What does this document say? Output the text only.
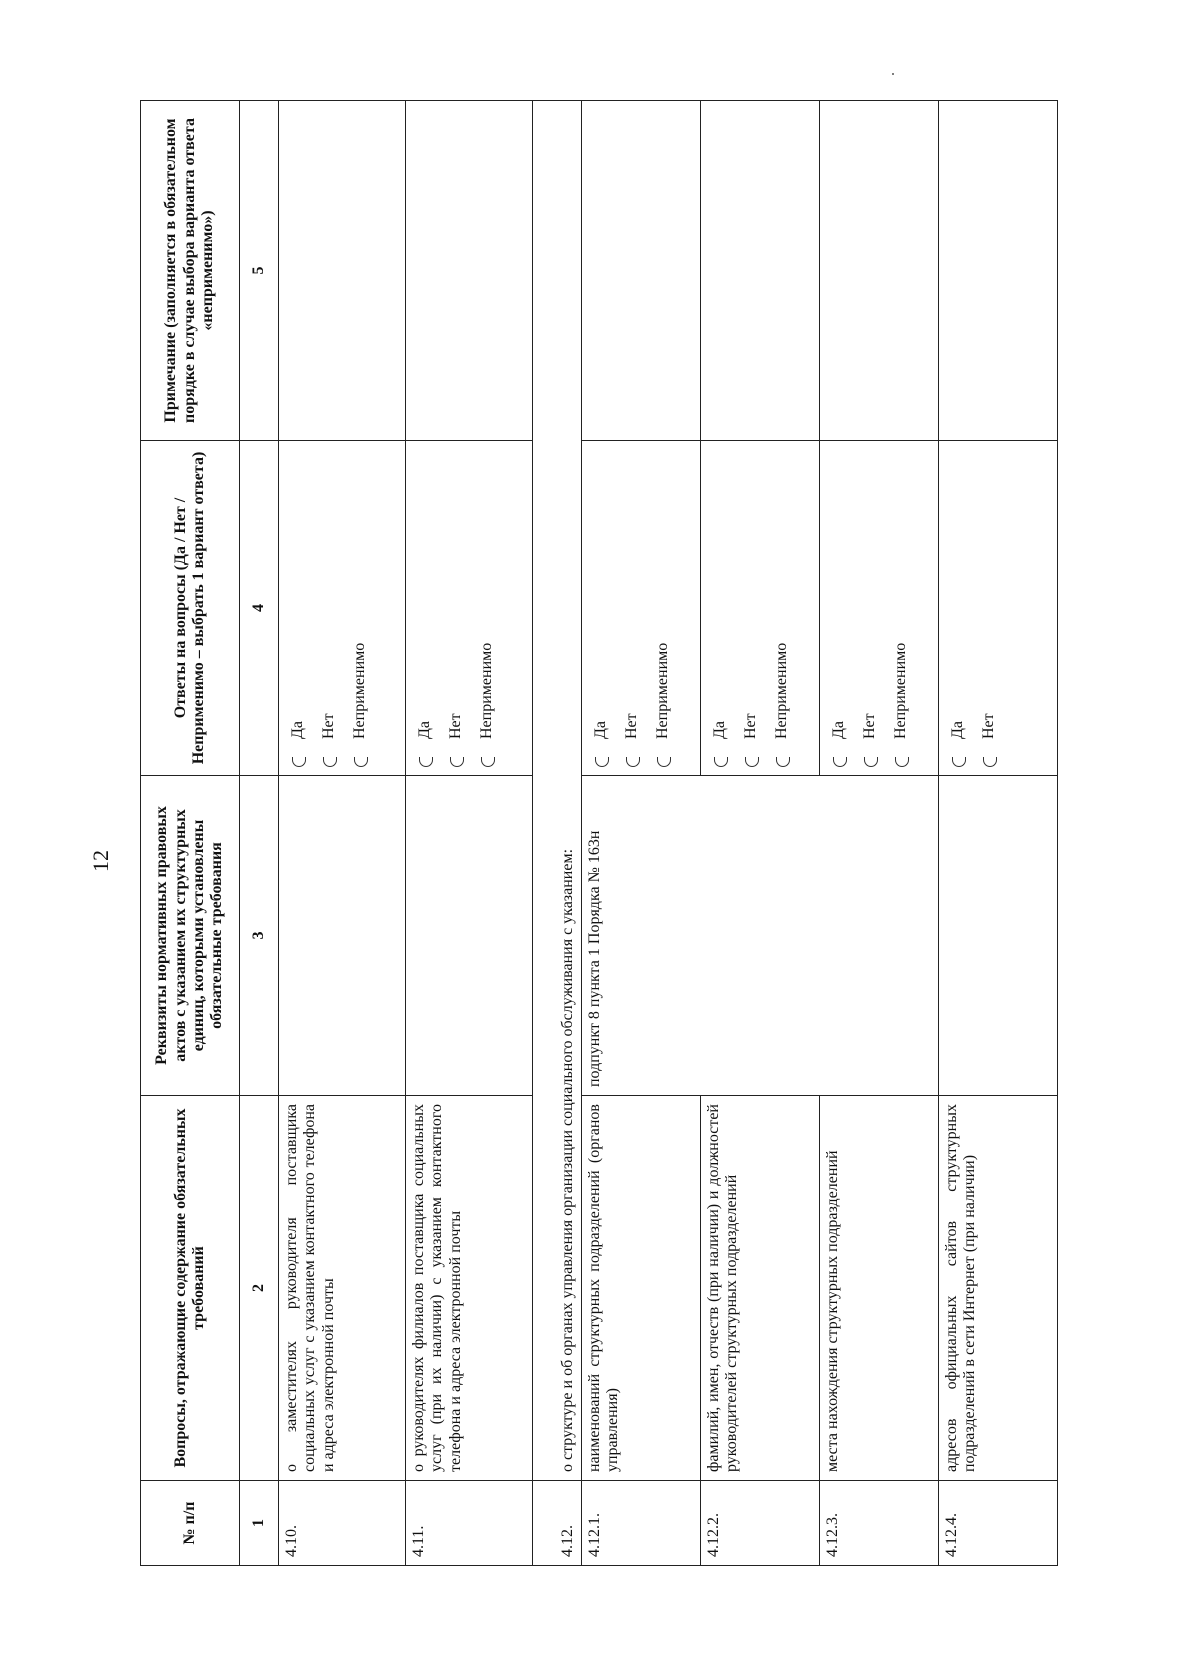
12
№ п/п	Вопросы, отражающие содержание обязательных требований	Реквизиты нормативных правовых актов с указанием их структурных единиц, которыми установлены обязательные требования	Ответы на вопросы (Да / Нет / Неприменимо – выбрать 1 вариант ответа)	Примечание (заполняется в обязательном порядке в случае выбора варианта ответа «неприменимо»)
1	2	3	4	5
4.10.	о заместителях руководителя поставщика социальных услуг с указанием контактного телефона и адреса электронной почты		Да Нет Неприменимо	

4.11.	о руководителях филиалов поставщика социальных услуг (при их наличии) с указанием контактного телефона и адреса электронной почты		Да Нет Неприменимо	

4.12.	о структуре и об органах управления организации социального обслуживания с указанием:			
4.12.1.	наименований структурных подразделений (органов управления)	подпункт 8 пункта 1 Порядка № 163н	Да Нет Неприменимо	

4.12.2.	фамилий, имен, отчеств (при наличии) и должностей руководителей структурных подразделений		Да Нет Неприменимо	

4.12.3.	места нахождения структурных подразделений		Да Нет Неприменимо	

4.12.4.	адресов официальных сайтов структурных подразделений в сети Интернет (при наличии)		Да Нет	
